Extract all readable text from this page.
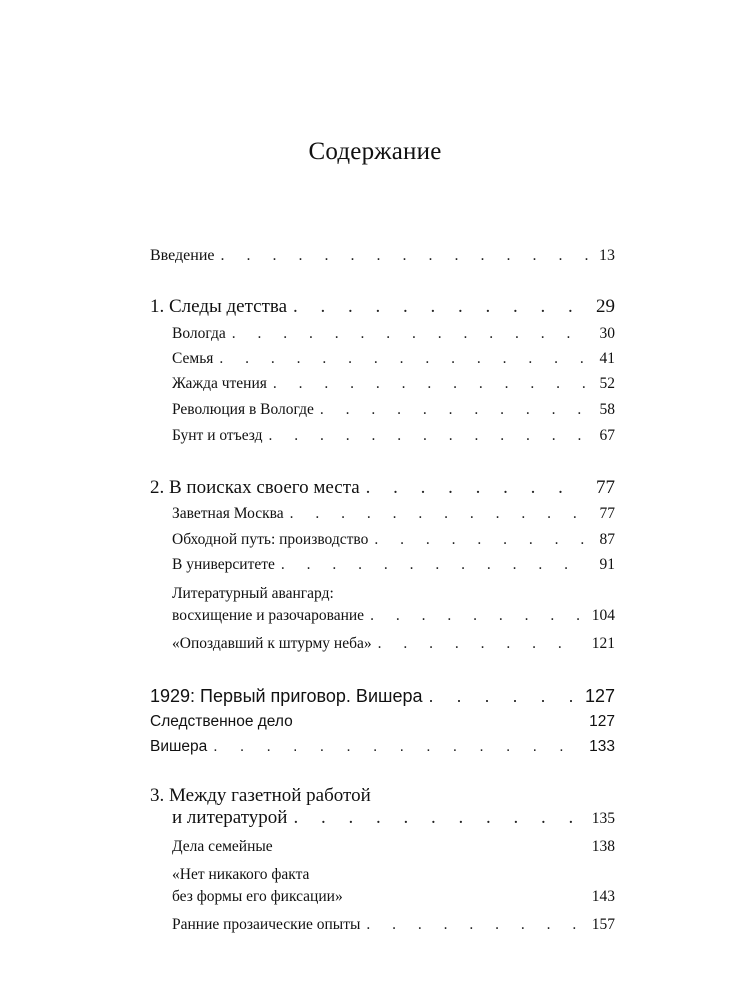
Содержание
Введение . . .	13
1. Следы детства . . .	29
Вологда . . .	30
Семья . . .	41
Жажда чтения . . .	52
Революция в Вологде . . .	58
Бунт и отъезд . . .	67
2. В поисках своего места . . .	77
Заветная Москва . . .	77
Обходной путь: производство . . .	87
В университете . . .	91
Литературный авангард:
восхищение и разочарование . . .	104
«Опоздавший к штурму неба» . . .	121
1929: Первый приговор. Вишера . . .	127
Следственное дело	127
Вишера . . .	133
3. Между газетной работой
и литературой . . .	135
Дела семейные	138
«Нет никакого факта
без формы его фиксации»	143
Ранние прозаические опыты . . .	157
